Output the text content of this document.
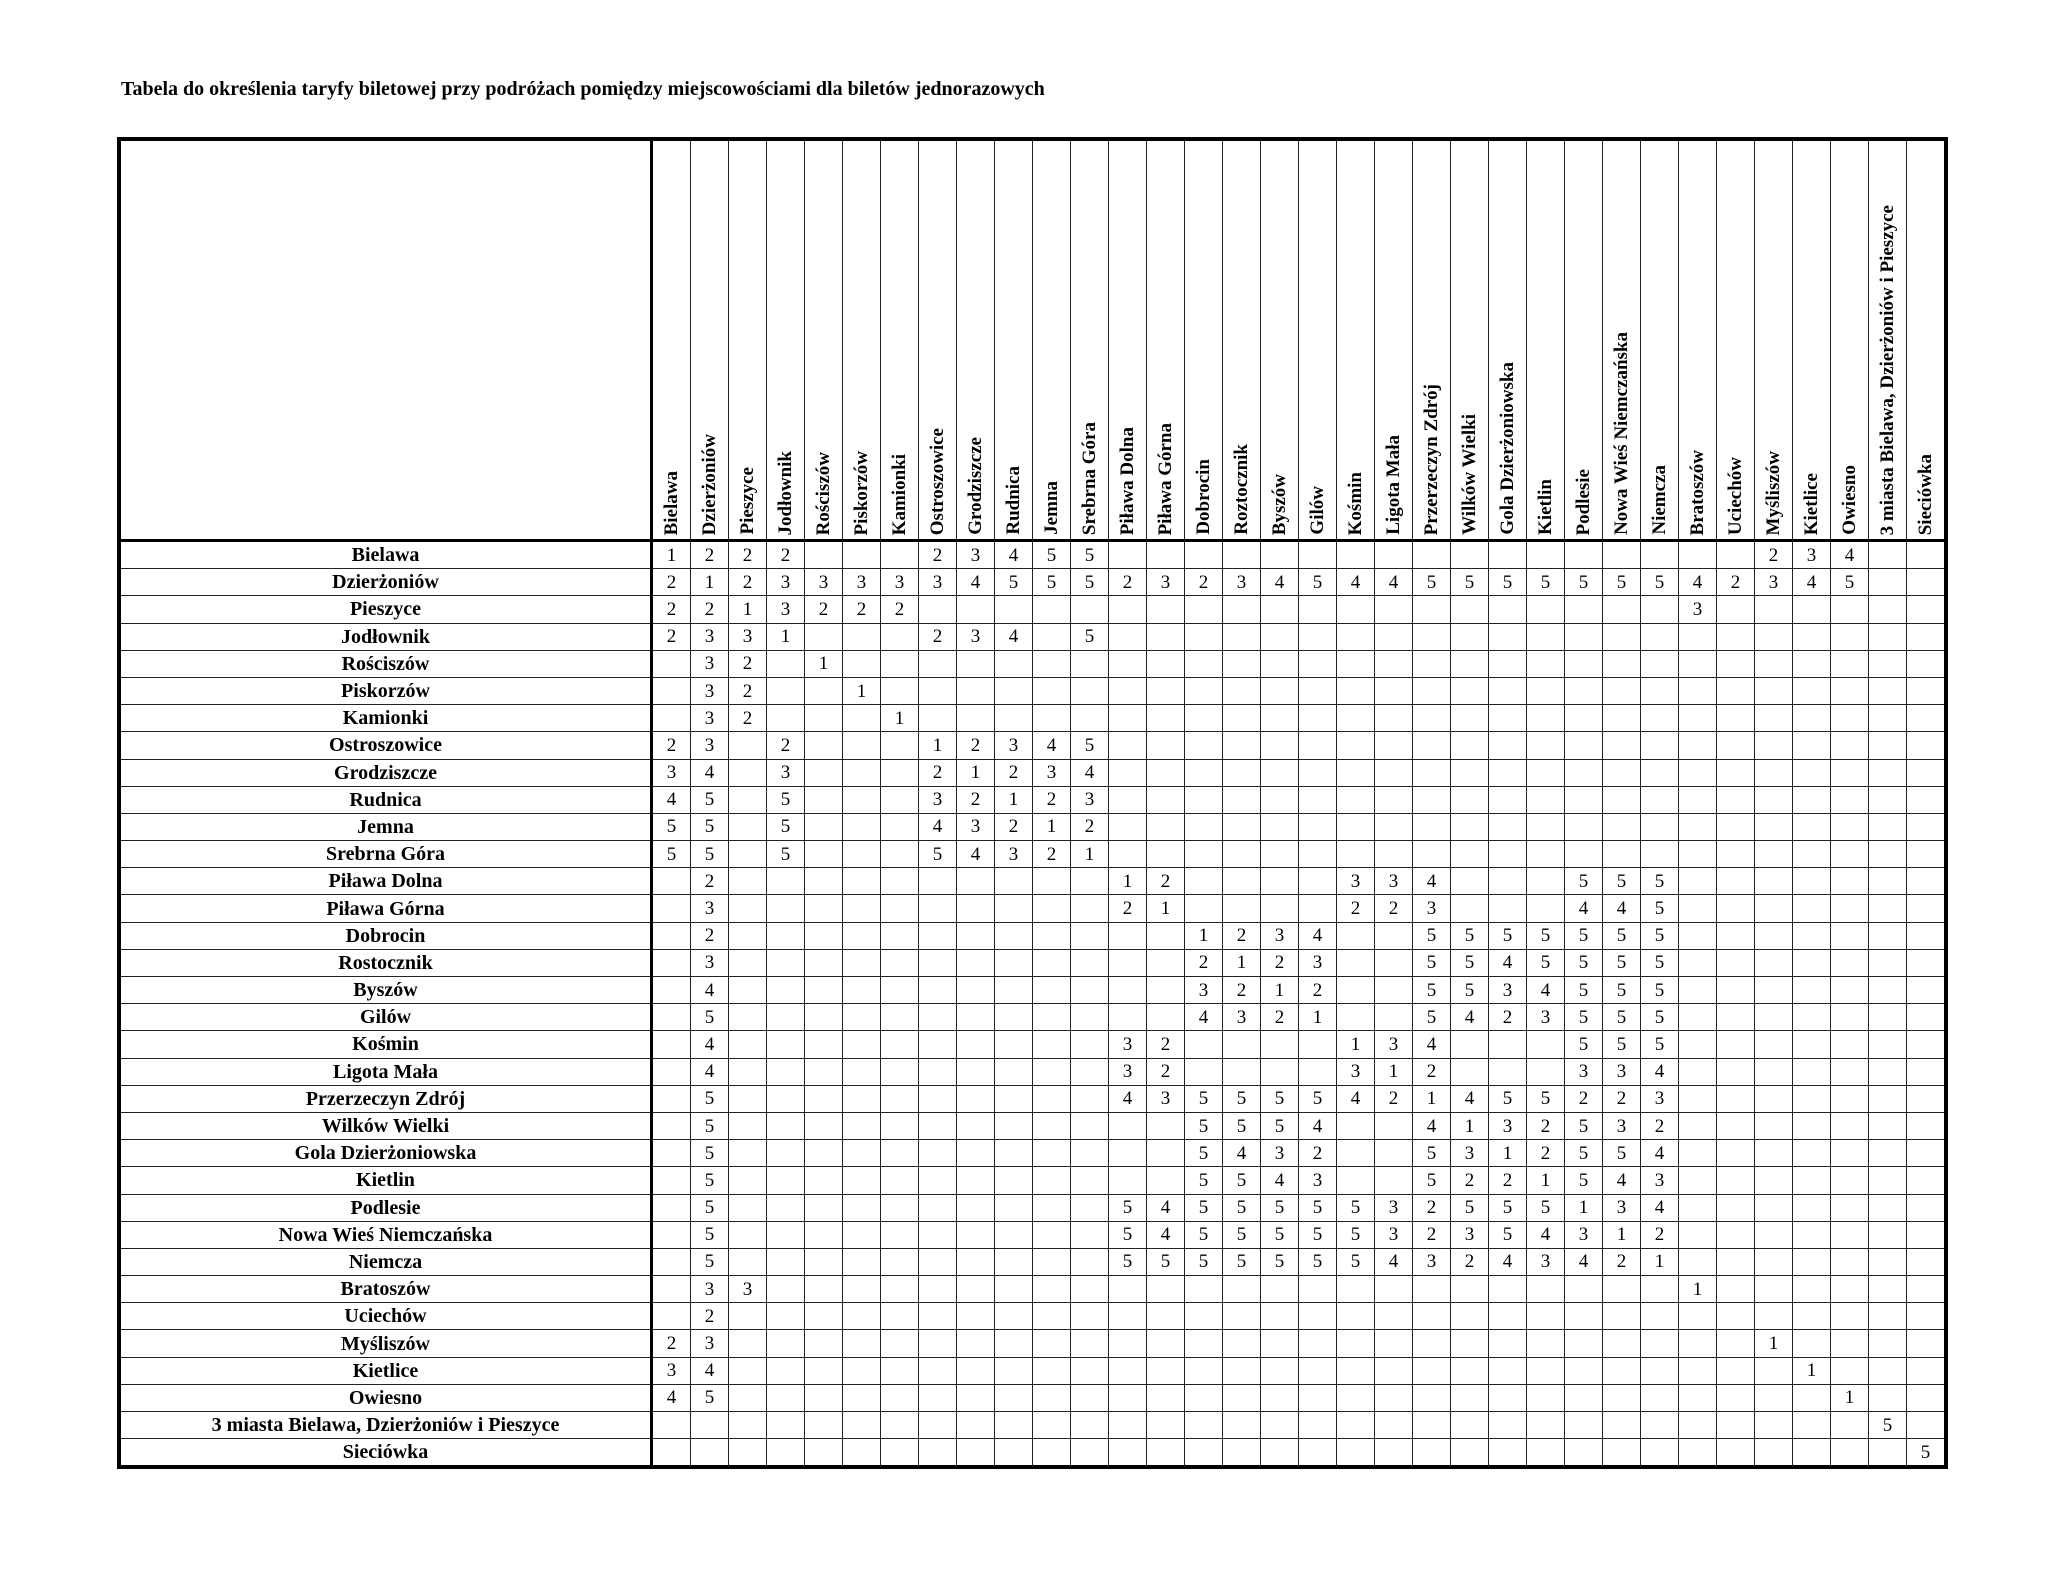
Tabela do określenia taryfy biletowej przy podróżach pomiędzy miejscowościami dla biletów jednorazowych
	Bielawa	Dzierżoniów	Pieszyce	Jodłownik	Rościszów	Piskorzów	Kamionki	Ostroszowice	Grodziszcze	Rudnica	Jemna	Srebrna Góra	Piława Dolna	Piława Górna	Dobrocin	Roztocznik	Byszów	Gilów	Kośmin	Ligota Mała	Przerzeczyn Zdrój	Wilków Wielki	Gola Dzierżoniowska	Kietlin	Podlesie	Nowa Wieś Niemczańska	Niemcza	Bratoszów	Uciechów	Myśliszów	Kietlice	Owiesno	3 miasta Bielawa, Dzierżoniów i Pieszyce	Sieciówka
Bielawa	1	2	2	2				2	3	4	5	5																		2	3	4		
Dzierżoniów	2	1	2	3	3	3	3	3	4	5	5	5	2	3	2	3	4	5	4	4	5	5	5	5	5	5	5	4	2	3	4	5		
Pieszyce	2	2	1	3	2	2	2																					3						
Jodłownik	2	3	3	1				2	3	4		5																						
Rościszów		3	2		1																													
Piskorzów		3	2			1																												
Kamionki		3	2				1																											
Ostroszowice	2	3		2				1	2	3	4	5																						
Grodziszcze	3	4		3				2	1	2	3	4																						
Rudnica	4	5		5				3	2	1	2	3																						
Jemna	5	5		5				4	3	2	1	2																						
Srebrna Góra	5	5		5				5	4	3	2	1																						
Piława Dolna		2											1	2					3	3	4				5	5	5							
Piława Górna		3											2	1					2	2	3				4	4	5							
Dobrocin		2													1	2	3	4			5	5	5	5	5	5	5							
Rostocznik		3													2	1	2	3			5	5	4	5	5	5	5							
Byszów		4													3	2	1	2			5	5	3	4	5	5	5							
Gilów		5													4	3	2	1			5	4	2	3	5	5	5							
Kośmin		4											3	2					1	3	4				5	5	5							
Ligota Mała		4											3	2					3	1	2				3	3	4							
Przerzeczyn Zdrój		5											4	3	5	5	5	5	4	2	1	4	5	5	2	2	3							
Wilków Wielki		5													5	5	5	4			4	1	3	2	5	3	2							
Gola Dzierżoniowska		5													5	4	3	2			5	3	1	2	5	5	4							
Kietlin		5													5	5	4	3			5	2	2	1	5	4	3							
Podlesie		5											5	4	5	5	5	5	5	3	2	5	5	5	1	3	4							
Nowa Wieś Niemczańska		5											5	4	5	5	5	5	5	3	2	3	5	4	3	1	2							
Niemcza		5											5	5	5	5	5	5	5	4	3	2	4	3	4	2	1							
Bratoszów		3	3																									1						
Uciechów		2																																
Myśliszów	2	3																												1				
Kietlice	3	4																													1			
Owiesno	4	5																														1		
3 miasta Bielawa, Dzierżoniów i Pieszyce																																	5	
Sieciówka																																		5
